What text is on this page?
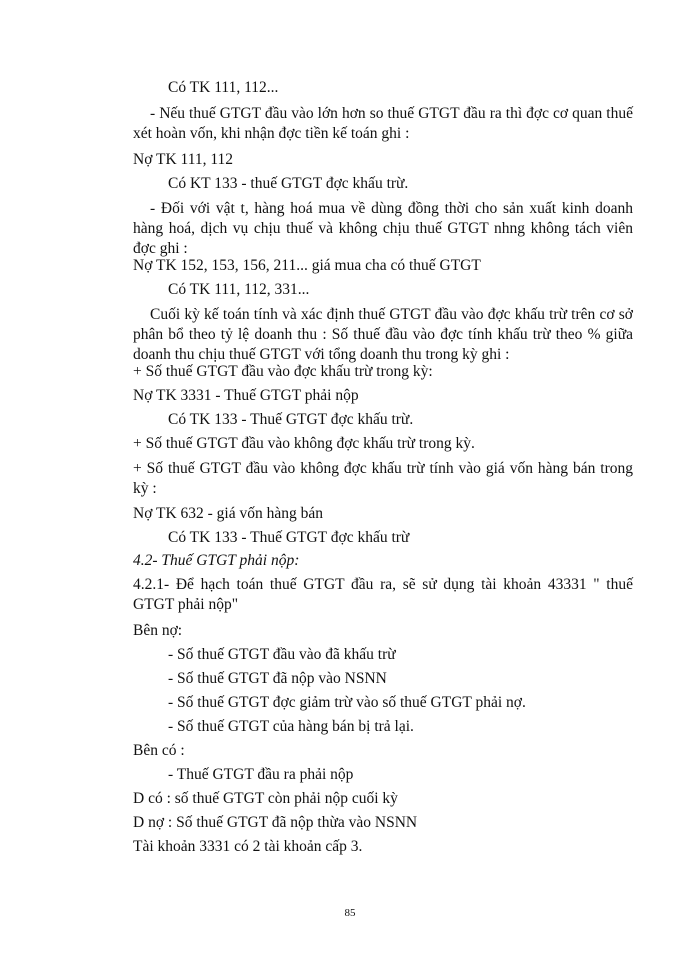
Có TK 111, 112...
- Nếu thuế GTGT đầu vào lớn hơn so thuế GTGT đầu ra thì đợc cơ quan thuế xét hoàn vốn, khi nhận đợc tiền kế toán ghi :
Nợ TK 111, 112
Có KT 133 - thuế GTGT đợc khấu trừ.
- Đối với vật t, hàng hoá mua về dùng đồng thời cho sản xuất kinh doanh hàng hoá, dịch vụ chịu thuế và không chịu thuế GTGT nhng không tách viên đợc ghi :
Nợ TK 152, 153, 156, 211... giá mua cha có thuế GTGT
Có TK 111, 112, 331...
Cuối kỳ kế toán tính và xác định thuế GTGT đầu vào đợc khấu trừ trên cơ sở phân bổ theo tỷ lệ doanh thu : Số thuế đầu vào đợc tính khấu trừ theo % giữa doanh thu chịu thuế GTGT với tổng doanh thu trong kỳ ghi :
+ Số thuế GTGT đầu vào đợc khấu trừ trong kỳ:
Nợ TK 3331 - Thuế GTGT phải nộp
Có TK 133 - Thuế GTGT đợc khấu trừ.
+ Số thuế GTGT đầu vào không đợc khấu trừ trong kỳ.
+ Số thuế GTGT đầu vào không đợc khấu trừ tính vào giá vốn hàng bán trong kỳ :
Nợ TK 632 - giá vốn hàng bán
Có TK 133 - Thuế GTGT đợc khấu trừ
4.2- Thuế GTGT phải nộp:
4.2.1- Để hạch toán thuế GTGT đầu ra, sẽ sử dụng tài khoản 43331 " thuế GTGT phải nộp"
Bên nợ:
- Số thuế GTGT đầu vào đã khấu trừ
- Số thuế GTGT đã nộp vào NSNN
- Số thuế GTGT đợc giảm trừ vào số thuế GTGT phải nợ.
- Số thuế GTGT của hàng bán bị trả lại.
Bên có :
- Thuế GTGT đầu ra phải nộp
D có : số thuế GTGT còn phải nộp cuối kỳ
D nợ : Số thuế GTGT đã nộp thừa vào NSNN
Tài khoản 3331 có 2 tài khoản cấp 3.
85
